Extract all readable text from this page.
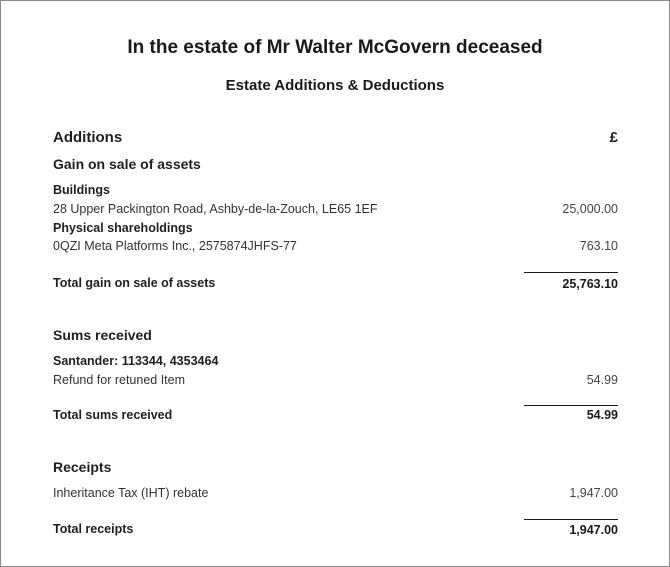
In the estate of Mr Walter McGovern deceased
Estate Additions & Deductions
Additions	£
Gain on sale of assets
Buildings
28 Upper Packington Road, Ashby-de-la-Zouch, LE65 1EF	25,000.00
Physical shareholdings
0QZI Meta Platforms Inc., 2575874JHFS-77	763.10
Total gain on sale of assets	25,763.10
Sums received
Santander: 113344, 4353464
Refund for retuned Item	54.99
Total sums received	54.99
Receipts
Inheritance Tax (IHT) rebate	1,947.00
Total receipts	1,947.00
